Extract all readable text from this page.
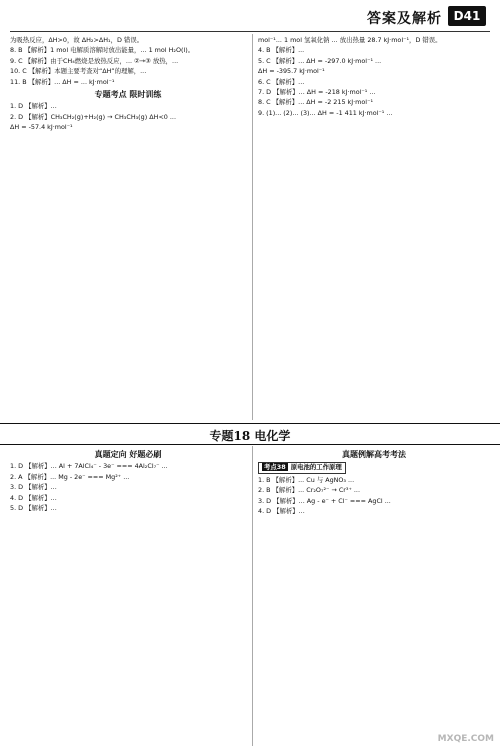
答案及解析 D41

为吸热反应，ΔH>0，故 ΔH₂>ΔH₁，D 错误。

8. B 【解析】1 mol 电解质溶解时放出能量，... 1 mol H₂O(l)。

9. C 【解析】由于CH₄燃烧是放热反应，... ②→③ 放热，...

10. C 【解析】本题主要考查对“ΔH”的理解，...

11. B 【解析】... ΔH = ... kJ·mol⁻¹

专题考点 限时训练

1. D 【解析】...

2. D 【解析】CH₃CH₂(g)+H₂(g) → CH₃CH₃(g) ΔH<0 ...

ΔH = -57.4 kJ·mol⁻¹

mol⁻¹... 1 mol 氢氧化钠 ... 放出热量 28.7 kJ·mol⁻¹，D 错误。

4. B 【解析】...

5. C 【解析】... ΔH = -297.0 kJ·mol⁻¹ ...

ΔH = -395.7 kJ·mol⁻¹

6. C 【解析】...

7. D 【解析】... ΔH = -218 kJ·mol⁻¹ ...

8. C 【解析】... ΔH = -2 215 kJ·mol⁻¹

9. (1)... (2)... (3)... ΔH = -1 411 kJ·mol⁻¹ ...

专题18 电化学
真题定向 好题必刷

1. D 【解析】... Al + 7AlCl₄⁻ - 3e⁻ === 4Al₂Cl₇⁻ ...

2. A 【解析】... Mg - 2e⁻ === Mg²⁺ ...

3. D 【解析】...

4. D 【解析】...

5. D 【解析】...

真题例解高考考法
考点38 原电池的工作原理

1. B 【解析】... Cu 与 AgNO₃ ...

2. B 【解析】... Cr₂O₇²⁻ → Cr³⁺ ...

3. D 【解析】... Ag - e⁻ + Cl⁻ === AgCl ...

4. D 【解析】...

MXQE.COM
